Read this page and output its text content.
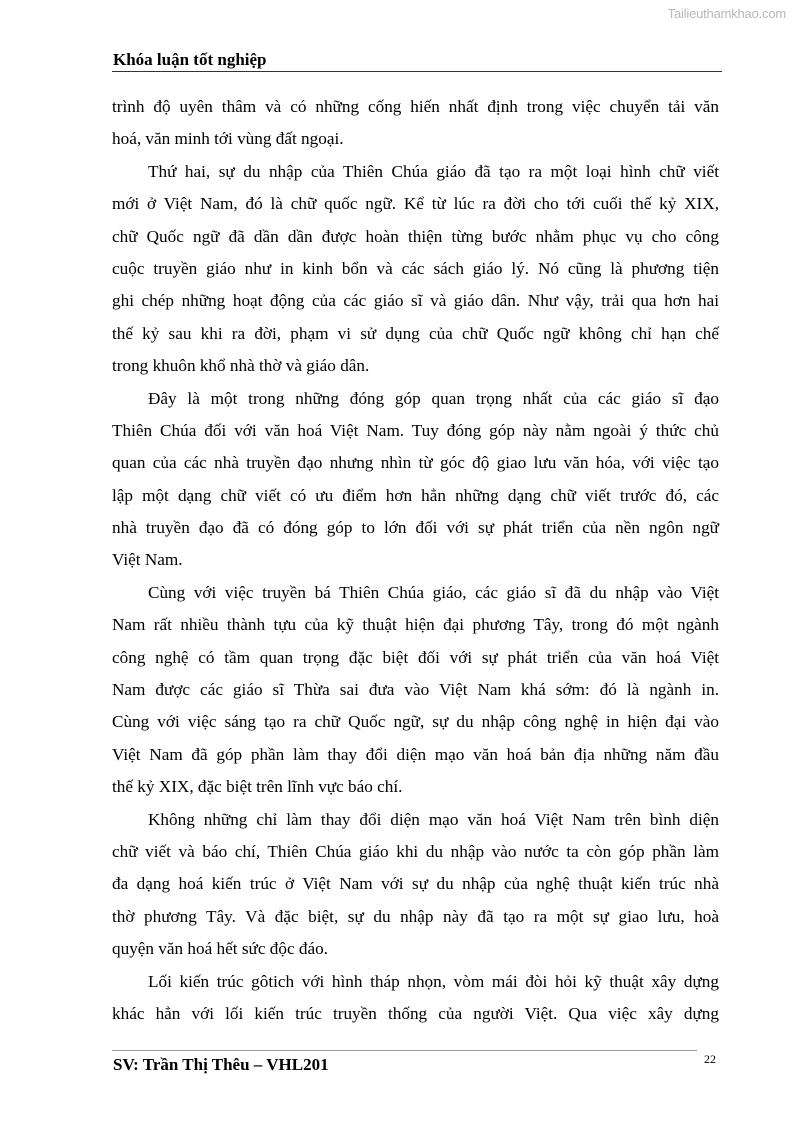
Tailieuthamkhao.com
Khóa luận tốt nghiệp
trình độ uyên thâm và có những cống hiến nhất định trong việc chuyển tải văn
hoá, văn minh tới vùng đất ngoại.
Thứ hai, sự du nhập của Thiên Chúa giáo đã tạo ra một loại hình chữ viết
mới ở Việt Nam, đó là chữ quốc ngữ. Kể từ lúc ra đời cho tới cuối thế kỷ XIX,
chữ Quốc ngữ đã dần dần được hoàn thiện từng bước nhằm phục vụ cho công
cuộc truyền giáo như in kinh bổn và các sách giáo lý. Nó cũng là phương tiện
ghi chép những hoạt động của các giáo sĩ và giáo dân. Như vậy, trải qua hơn hai
thế kỷ sau khi ra đời, phạm vi sử dụng của chữ Quốc ngữ không chỉ hạn chế
trong khuôn khổ nhà thờ và giáo dân.
Đây là một trong những đóng góp quan trọng nhất của các giáo sĩ đạo
Thiên Chúa đối với văn hoá Việt Nam. Tuy đóng góp này nằm ngoài ý thức chủ
quan của các nhà truyền đạo nhưng nhìn từ góc độ giao lưu văn hóa, với việc tạo
lập một dạng chữ viết có ưu điểm hơn hẳn những dạng chữ viết trước đó, các
nhà truyền đạo đã có đóng góp to lớn đối với sự phát triển của nền ngôn ngữ
Việt Nam.
Cùng với việc truyền bá Thiên Chúa giáo, các giáo sĩ đã du nhập vào Việt
Nam rất nhiều thành tựu của kỹ thuật hiện đại phương Tây, trong đó một ngành
công nghệ có tầm quan trọng đặc biệt đối với sự phát triển của văn hoá Việt
Nam được các giáo sĩ Thừa sai đưa vào Việt Nam khá sớm: đó là ngành in.
Cùng với việc sáng tạo ra chữ Quốc ngữ, sự du nhập công nghệ in hiện đại vào
Việt Nam đã góp phần làm thay đổi diện mạo văn hoá bản địa những năm đầu
thế kỷ XIX, đặc biệt trên lĩnh vực báo chí.
Không những chỉ làm thay đổi diện mạo văn hoá Việt Nam trên bình diện
chữ viết và báo chí, Thiên Chúa giáo khi du nhập vào nước ta còn góp phần làm
đa dạng hoá kiến trúc ở Việt Nam với sự du nhập của nghệ thuật kiến trúc nhà
thờ phương Tây. Và đặc biệt, sự du nhập này đã tạo ra một sự giao lưu, hoà
quyện văn hoá hết sức độc đáo.
Lối kiến trúc gôtich với hình tháp nhọn, vòm mái đòi hỏi kỹ thuật xây dựng
khác hẳn với lối kiến trúc truyền thống của người Việt. Qua việc xây dựng
SV: Trần Thị Thêu – VHL201	22
